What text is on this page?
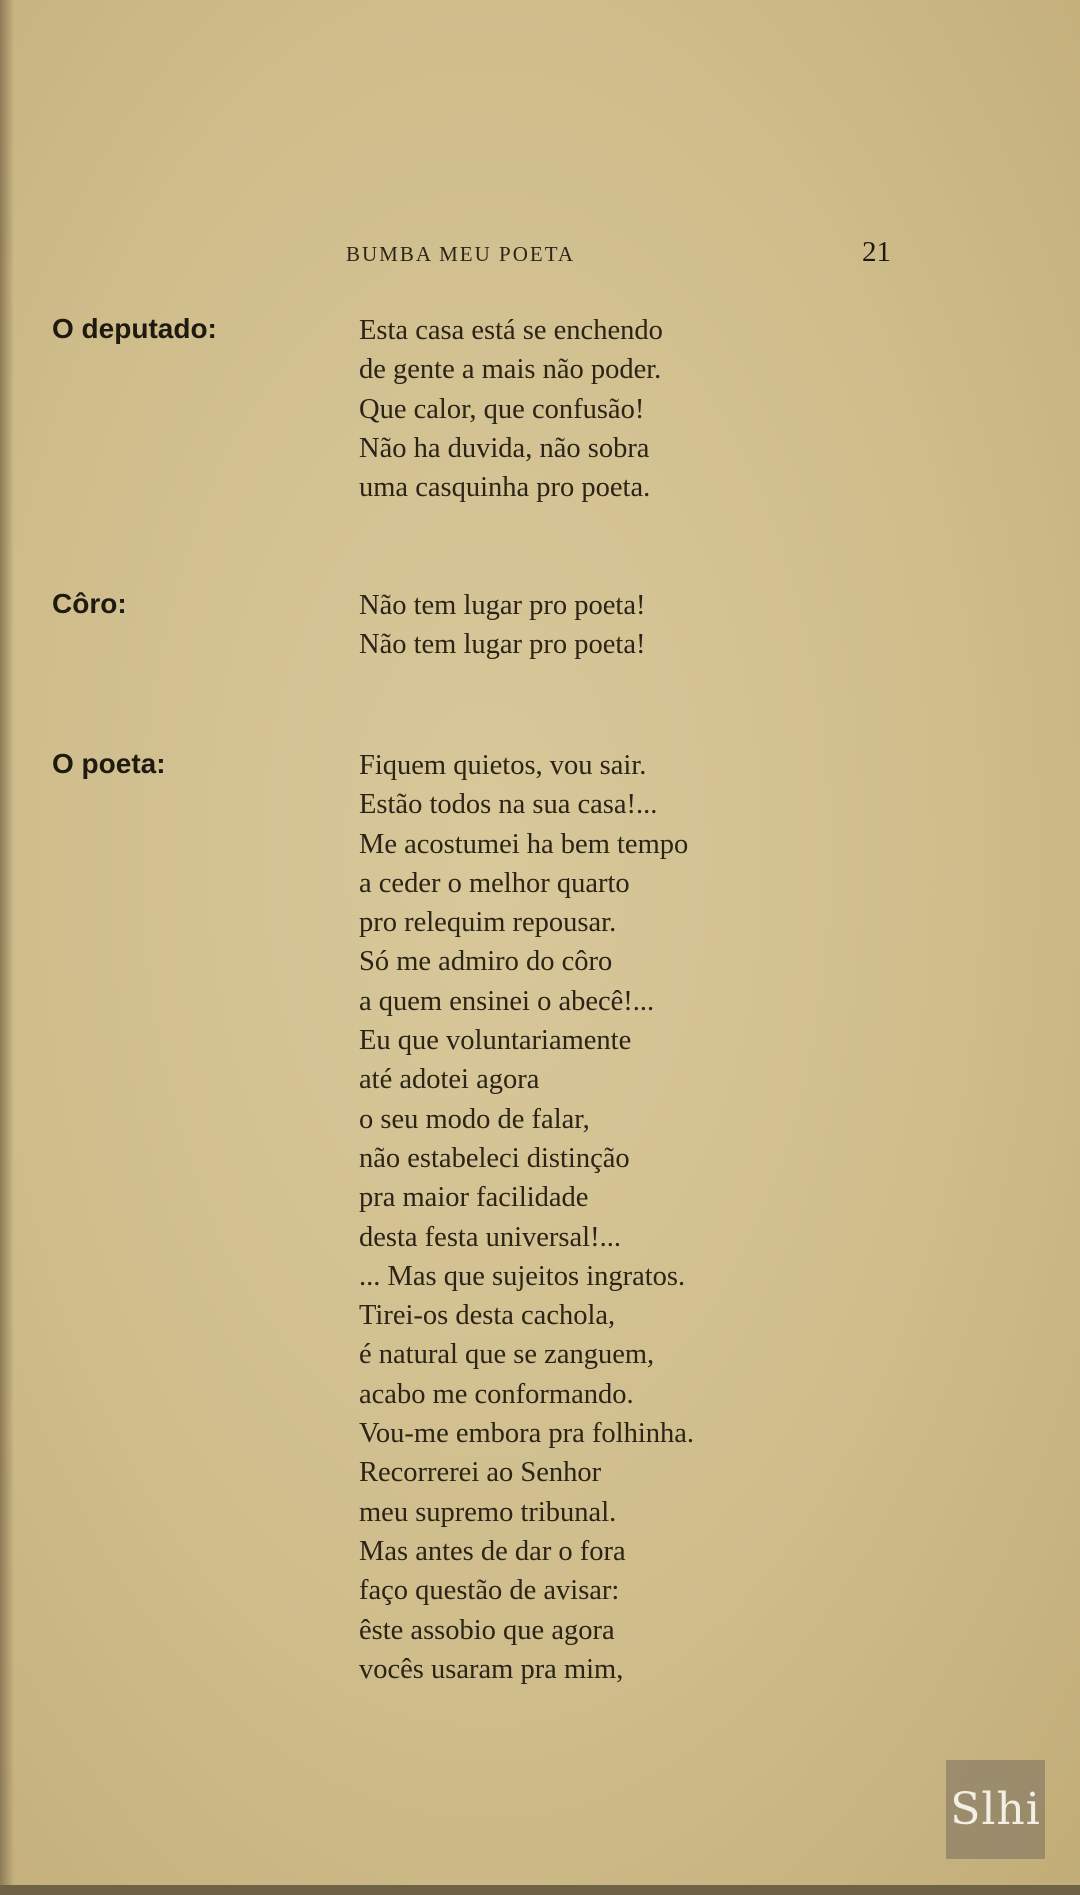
BUMBA MEU POETA	21
O deputado:	Esta casa está se enchendo
de gente a mais não poder.
Que calor, que confusão!
Não ha duvida, não sobra
uma casquinha pro poeta.
Côro:	Não tem lugar pro poeta!
Não tem lugar pro poeta!
O poeta:	Fiquem quietos, vou sair.
Estão todos na sua casa!...
Me acostumei ha bem tempo
a ceder o melhor quarto
pro relequim repousar.
Só me admiro do côro
a quem ensinei o abecê!...
Eu que voluntariamente
até adotei agora
o seu modo de falar,
não estabeleci distinção
pra maior facilidade
desta festa universal!...
... Mas que sujeitos ingratos.
Tirei-os desta cachola,
é natural que se zanguem,
acabo me conformando.
Vou-me embora pra folhinha.
Recorrerei ao Senhor
meu supremo tribunal.
Mas antes de dar o fora
faço questão de avisar:
êste assobio que agora
vocês usaram pra mim,
Slhi
